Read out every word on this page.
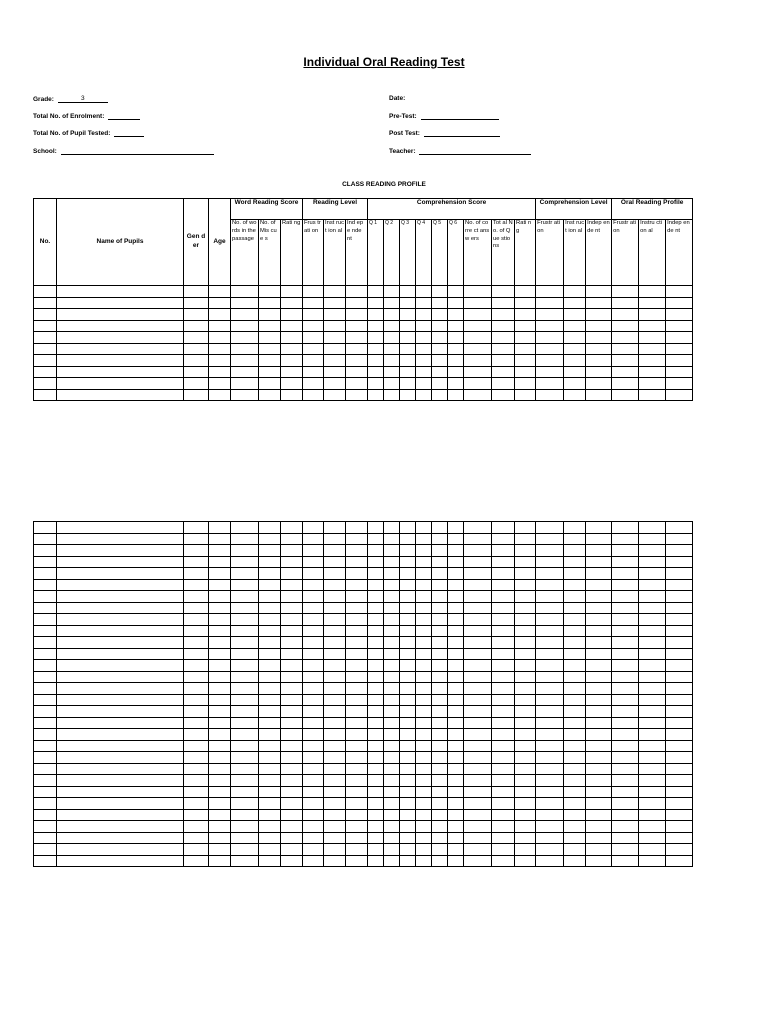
Individual Oral Reading Test
Grade:	3
Total No. of Enrolment:
Total No. of Pupil Tested:
School:
Date:
Pre-Test:
Post Test:
Teacher:
CLASS READING PROFILE
No.	Name of Pupils	Gen der	Age	Word Reading Score			Reading Level			Comprehension Score									Comprehension Level			Oral Reading Profile		
				No. of words in the passage	No. of Mis cue s	Rati ng	Frus trati on	Inst ruct ion al	Ind epe nde nt	Q 1	Q 2	Q 3	Q 4	Q 5	Q 6	No. of corre ct answ ers	Tot al No. of Que stio ns	Rati ng	Frustr ation	Inst ruct ion al	Indep ende nt	Frustr ation	Instru ction al	Indep ende nt
